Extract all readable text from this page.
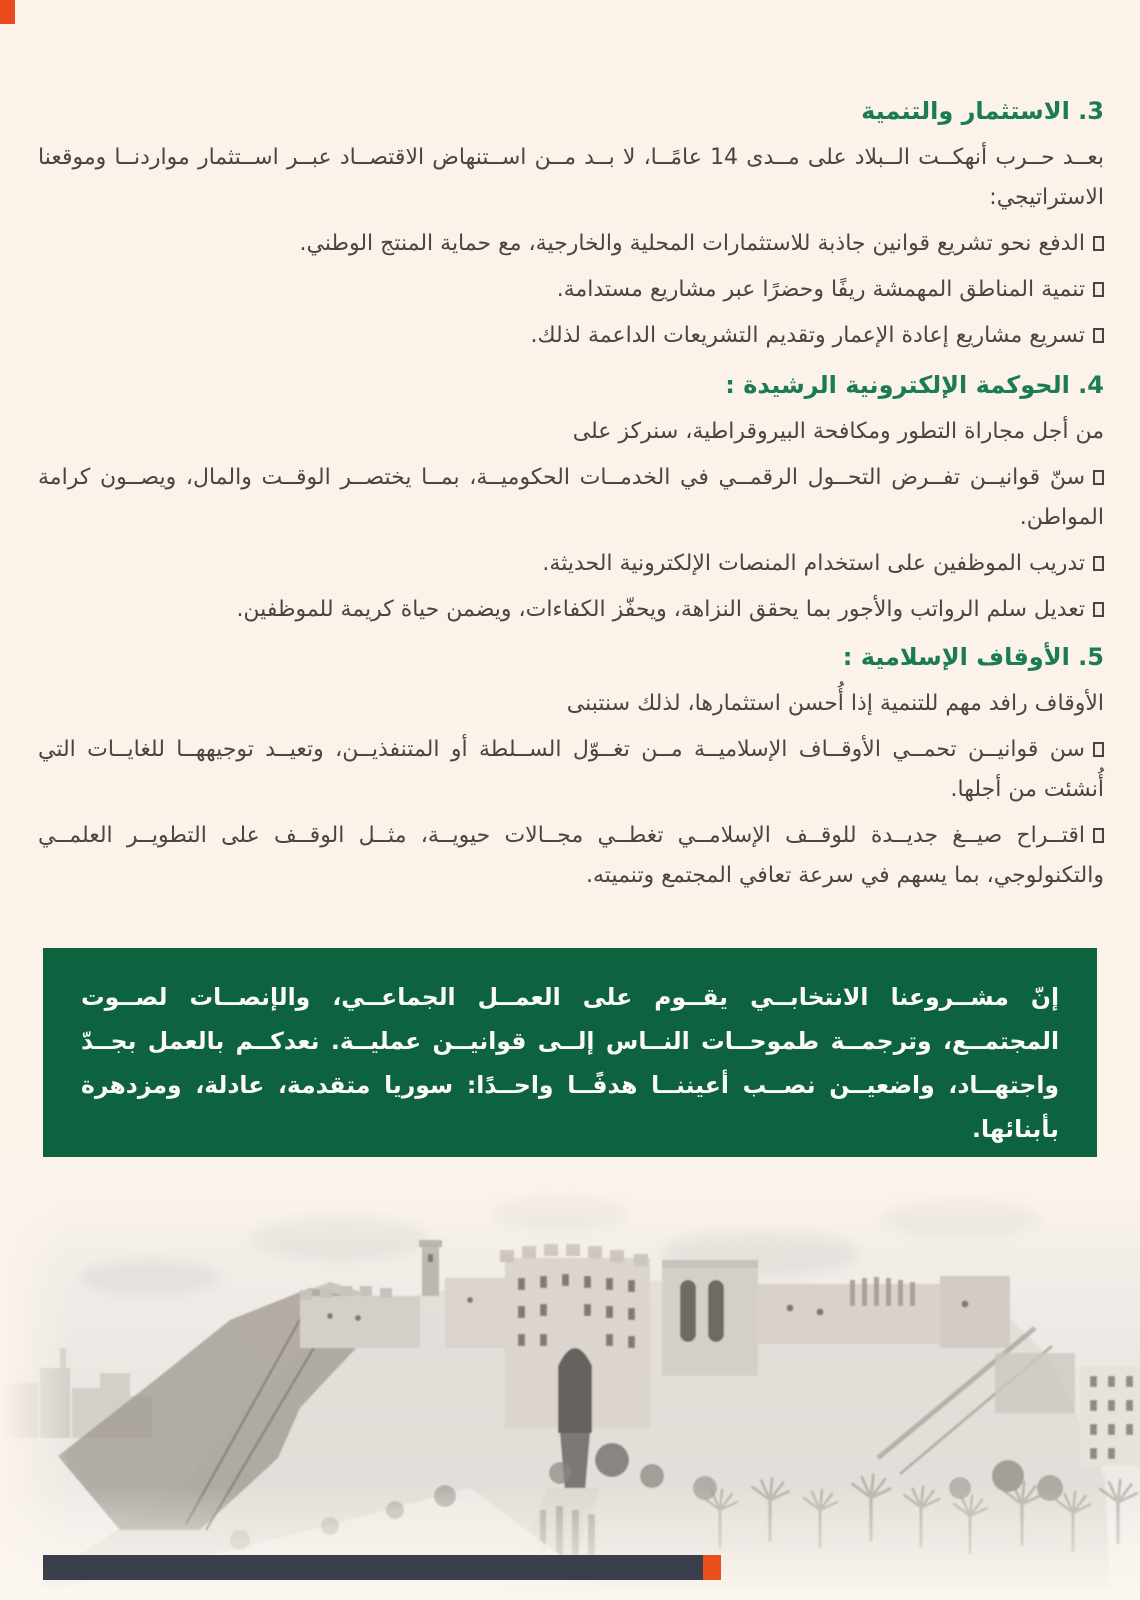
3. الاستثمار والتنمية

بعــد حــرب أنهكــت الــبلاد على مــدى 14 عامًــا، لا بــد مــن اســتنهاض الاقتصــاد عبــر اســتثمار مواردنــا وموقعنا الاستراتيجي:

الدفع نحو تشريع قوانين جاذبة للاستثمارات المحلية والخارجية، مع حماية المنتج الوطني.

تنمية المناطق المهمشة ريفًا وحضرًا عبر مشاريع مستدامة.

تسريع مشاريع إعادة الإعمار وتقديم التشريعات الداعمة لذلك.

4. الحوكمة الإلكترونية الرشيدة :

من أجل مجاراة التطور ومكافحة البيروقراطية، سنركز على

سنّ قوانيــن تفــرض التحــول الرقمــي في الخدمــات الحكوميــة، بمــا يختصــر الوقــت والمال، ويصــون كرامة المواطن.

تدريب الموظفين على استخدام المنصات الإلكترونية الحديثة.

تعديل سلم الرواتب والأجور بما يحقق النزاهة، ويحفّز الكفاءات، ويضمن حياة كريمة للموظفين.

5. الأوقاف الإسلامية :

الأوقاف رافد مهم للتنمية إذا أُحسن استثمارها، لذلك سنتبنى

سن قوانيــن تحمــي الأوقــاف الإسلاميــة مــن تغــوّل الســلطة أو المتنفذيــن، وتعيــد توجيههــا للغايــات التي أُنشئت من أجلها.

اقتــراح صيــغ جديــدة للوقــف الإسلامــي تغطــي مجــالات حيويــة، مثــل الوقــف على التطويــر العلمــي والتكنولوجي، بما يسهم في سرعة تعافي المجتمع وتنميته.

إنّ مشــروعنا الانتخابــي يقــوم على العمــل الجماعــي، والإنصــات لصــوت المجتمــع، وترجمــة طموحــات النــاس إلــى قوانيــن عمليــة. نعدكــم بالعمل بجــدّ واجتهــاد، واضعيــن نصــب أعيننــا هدفًــا واحــدًا: سوريا متقدمة، عادلة، ومزدهرة بأبنائها.
